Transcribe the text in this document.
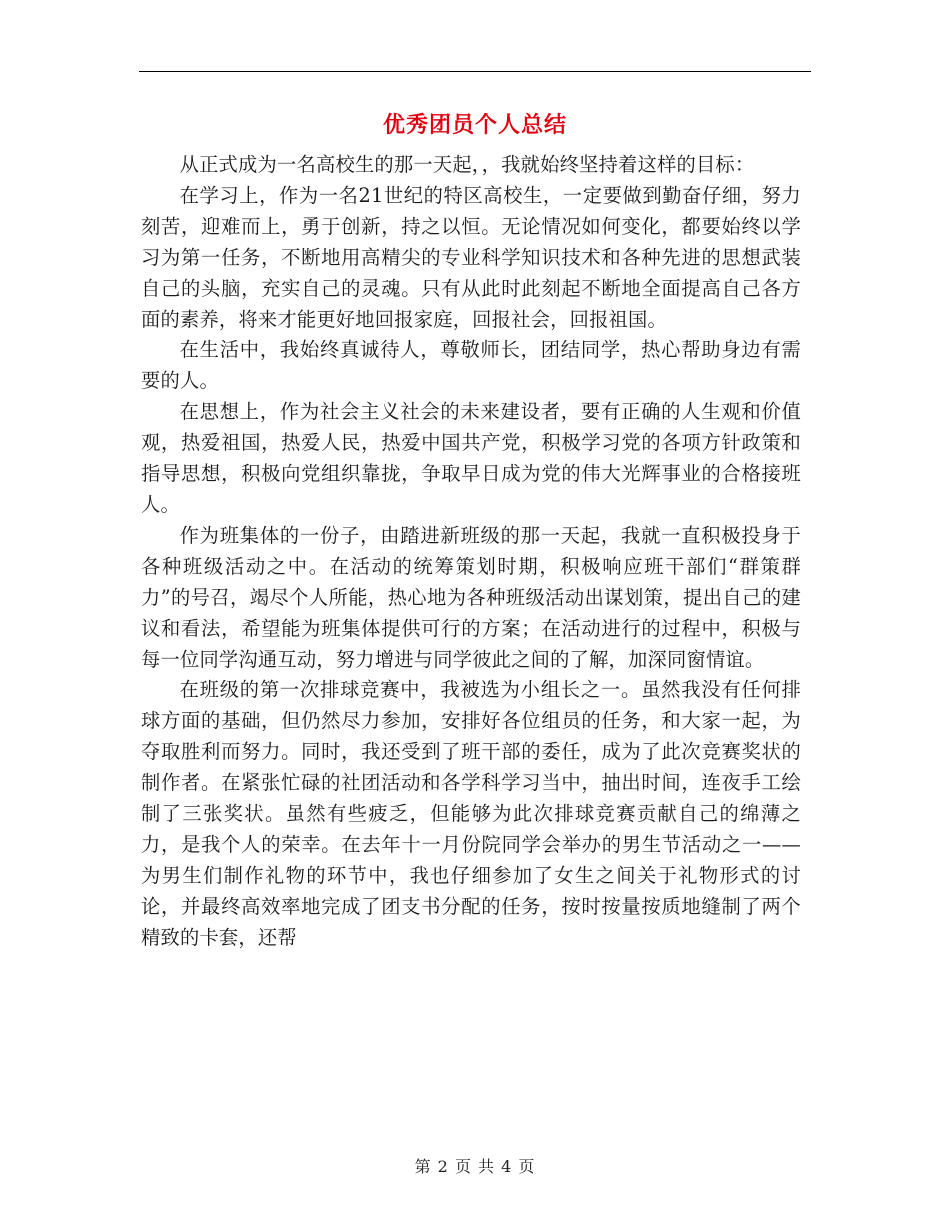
优秀团员个人总结

从正式成为一名高校生的那一天起，，我就始终坚持着这样的目标：

在学习上，作为一名21世纪的特区高校生，一定要做到勤奋仔细，努力刻苦，迎难而上，勇于创新，持之以恒。无论情况如何变化，都要始终以学习为第一任务，不断地用高精尖的专业科学知识技术和各种先进的思想武装自己的头脑，充实自己的灵魂。只有从此时此刻起不断地全面提高自己各方面的素养，将来才能更好地回报家庭，回报社会，回报祖国。

在生活中，我始终真诚待人，尊敬师长，团结同学，热心帮助身边有需要的人。

在思想上，作为社会主义社会的未来建设者，要有正确的人生观和价值观，热爱祖国，热爱人民，热爱中国共产党，积极学习党的各项方针政策和指导思想，积极向党组织靠拢，争取早日成为党的伟大光辉事业的合格接班人。

作为班集体的一份子，由踏进新班级的那一天起，我就一直积极投身于各种班级活动之中。在活动的统筹策划时期，积极响应班干部们“群策群力”的号召，竭尽个人所能，热心地为各种班级活动出谋划策，提出自己的建议和看法，希望能为班集体提供可行的方案；在活动进行的过程中，积极与每一位同学沟通互动，努力增进与同学彼此之间的了解，加深同窗情谊。

在班级的第一次排球竞赛中，我被选为小组长之一。虽然我没有任何排球方面的基础，但仍然尽力参加，安排好各位组员的任务，和大家一起，为夺取胜利而努力。同时，我还受到了班干部的委任，成为了此次竞赛奖状的制作者。在紧张忙碌的社团活动和各学科学习当中，抽出时间，连夜手工绘制了三张奖状。虽然有些疲乏，但能够为此次排球竞赛贡献自己的绵薄之力，是我个人的荣幸。在去年十一月份院同学会举办的男生节活动之一——为男生们制作礼物的环节中，我也仔细参加了女生之间关于礼物形式的讨论，并最终高效率地完成了团支书分配的任务，按时按量按质地缝制了两个精致的卡套，还帮

第 2 页 共 4 页
